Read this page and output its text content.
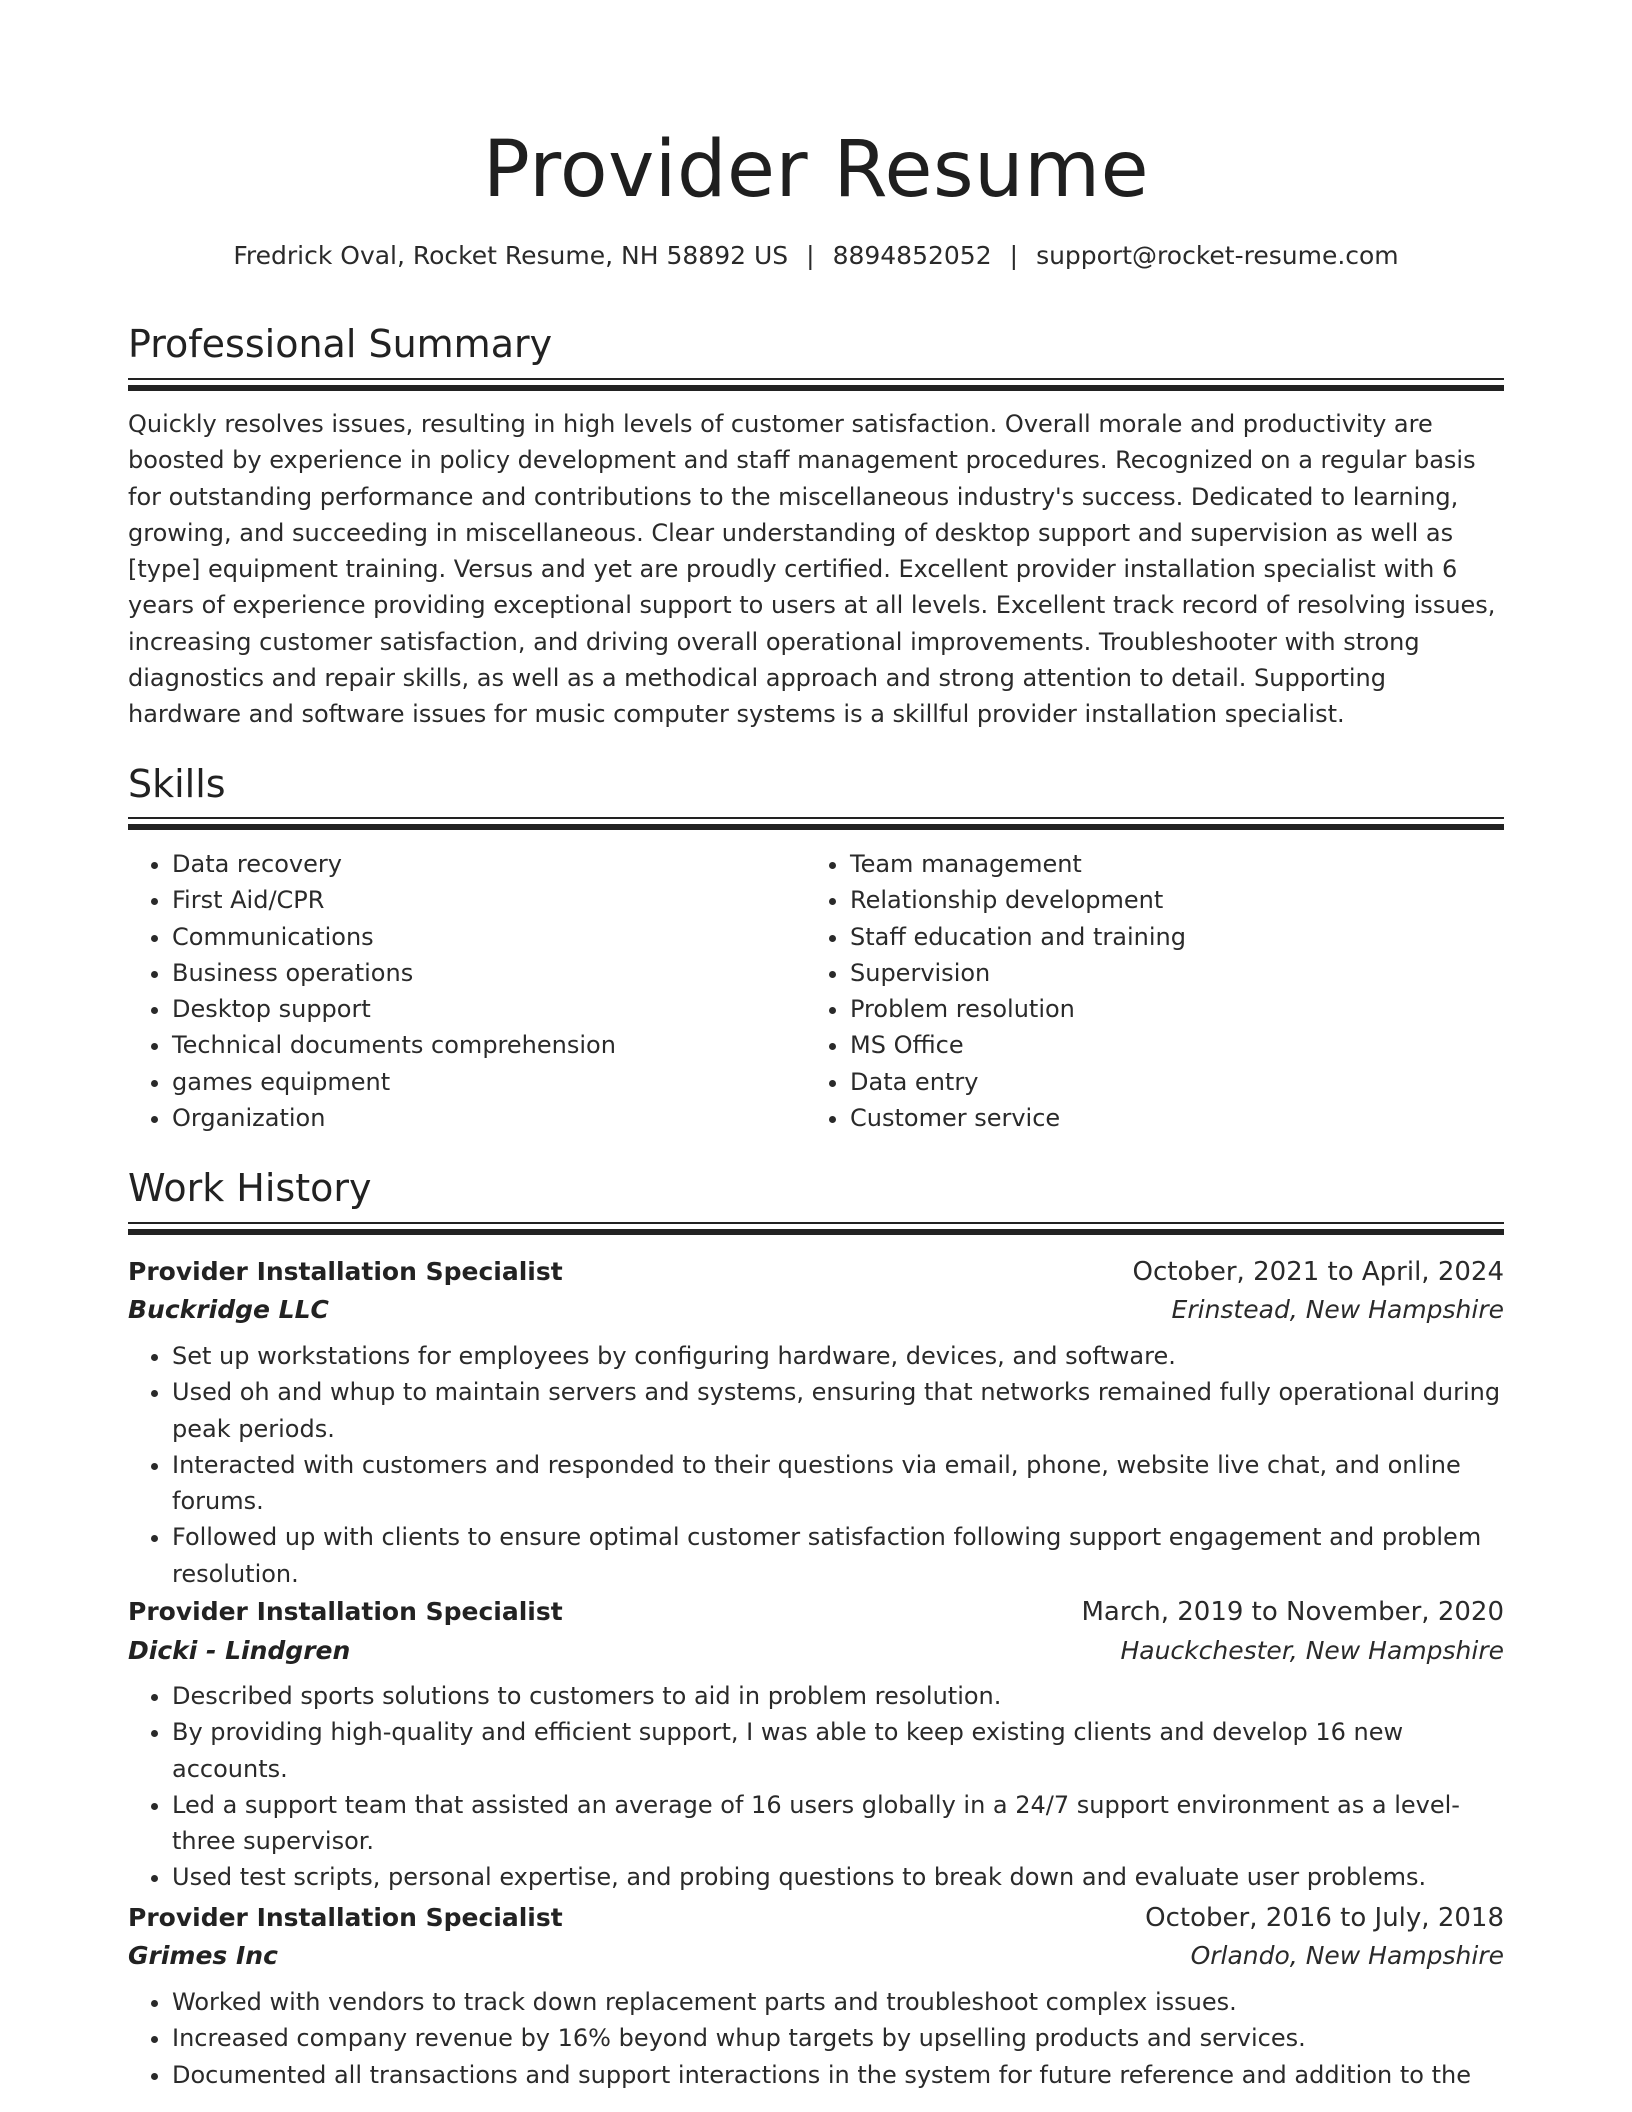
Provider Resume
Fredrick Oval, Rocket Resume, NH 58892 US | 8894852052 | support@rocket-resume.com
Professional Summary

Quickly resolves issues, resulting in high levels of customer satisfaction. Overall morale and productivity are boosted by experience in policy development and staff management procedures. Recognized on a regular basis for outstanding performance and contributions to the miscellaneous industry's success. Dedicated to learning, growing, and succeeding in miscellaneous. Clear understanding of desktop support and supervision as well as [type] equipment training. Versus and yet are proudly certified. Excellent provider installation specialist with 6 years of experience providing exceptional support to users at all levels. Excellent track record of resolving issues, increasing customer satisfaction, and driving overall operational improvements. Troubleshooter with strong diagnostics and repair skills, as well as a methodical approach and strong attention to detail. Supporting hardware and software issues for music computer systems is a skillful provider installation specialist.

Skills
• Data recovery
• First Aid/CPR
• Communications
• Business operations
• Desktop support
• Technical documents comprehension
• games equipment
• Organization
• Team management
• Relationship development
• Staff education and training
• Supervision
• Problem resolution
• MS Office
• Data entry
• Customer service
Work History
Provider Installation Specialist	October, 2021 to April, 2024
Buckridge LLC	Erinstead, New Hampshire
• Set up workstations for employees by configuring hardware, devices, and software.
• Used oh and whup to maintain servers and systems, ensuring that networks remained fully operational during peak periods.
• Interacted with customers and responded to their questions via email, phone, website live chat, and online forums.
• Followed up with clients to ensure optimal customer satisfaction following support engagement and problem resolution.
Provider Installation Specialist	March, 2019 to November, 2020
Dicki - Lindgren	Hauckchester, New Hampshire
• Described sports solutions to customers to aid in problem resolution.
• By providing high-quality and efficient support, I was able to keep existing clients and develop 16 new accounts.
• Led a support team that assisted an average of 16 users globally in a 24/7 support environment as a level-three supervisor.
• Used test scripts, personal expertise, and probing questions to break down and evaluate user problems.
Provider Installation Specialist	October, 2016 to July, 2018
Grimes Inc	Orlando, New Hampshire
• Worked with vendors to track down replacement parts and troubleshoot complex issues.
• Increased company revenue by 16% beyond whup targets by upselling products and services.
• Documented all transactions and support interactions in the system for future reference and addition to the
